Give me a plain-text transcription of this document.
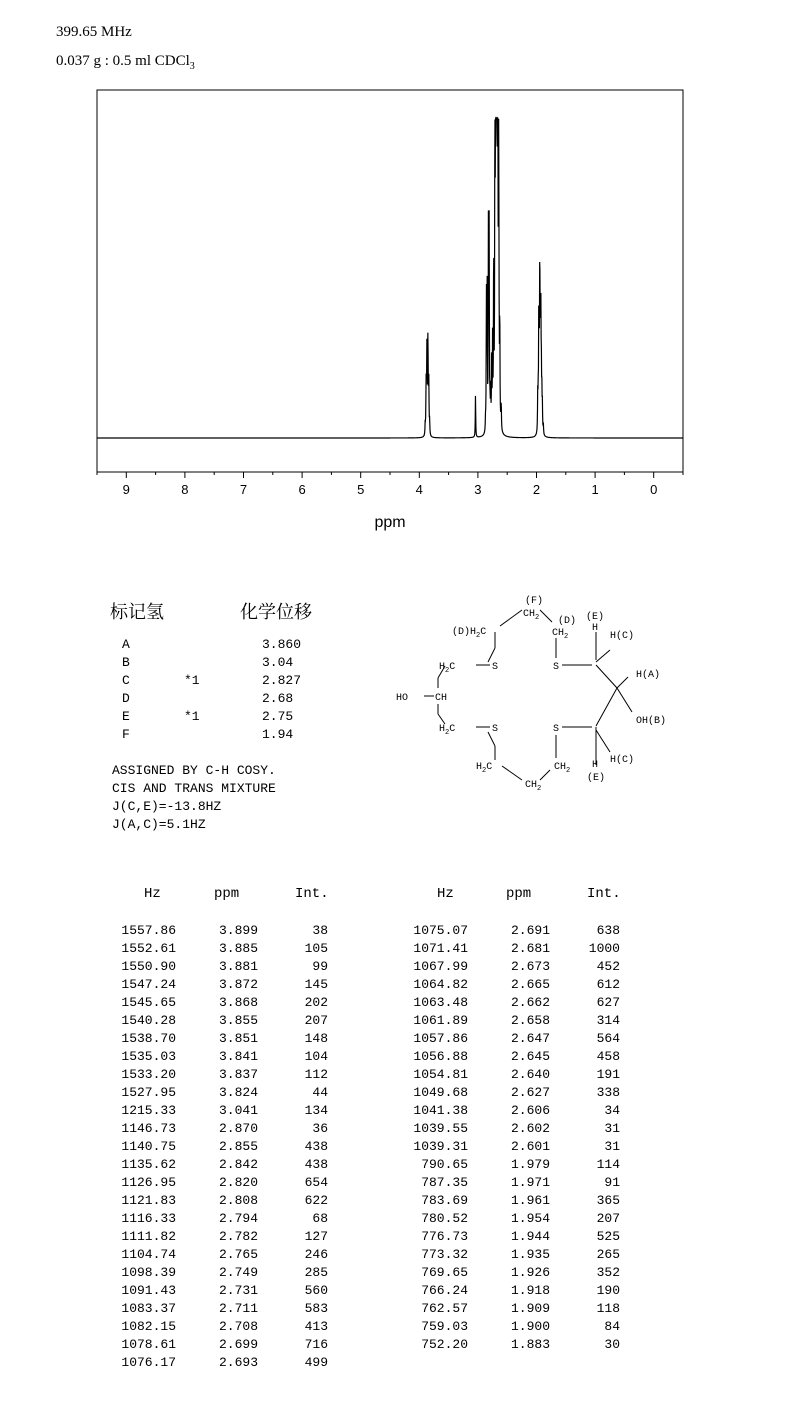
399.65 MHz
0.037 g : 0.5 ml CDCl$_3$
9	8	7	6	5	4	3	2	1	0
ppm
标记氢	化学位移
A	3.860
B	3.04
C	*1	2.827
D	2.68
E	*1	2.75
F	1.94
ASSIGNED BY C-H COSY.
CIS AND TRANS MIXTURE
J(C,E)=-13.8HZ
J(A,C)=5.1HZ
(F)
$CH_2$
$(D)H_2C$
(D)
$CH_2$
(E)
H
H(C)
H(A)
OH(B)
$H_2C$	S	S
HO	CH
$H_2C$	S	S
H(C)
$H_2C$	$CH_2$ H
(E)
$CH_2$
Hz	ppm	Int.	Hz	ppm	Int.
1557.86	3.899	38
1552.61	3.885	105
1550.90	3.881	99
1547.24	3.872	145
1545.65	3.868	202
1540.28	3.855	207
1538.70	3.851	148
1535.03	3.841	104
1533.20	3.837	112
1527.95	3.824	44
1215.33	3.041	134
1146.73	2.870	36
1140.75	2.855	438
1135.62	2.842	438
1126.95	2.820	654
1121.83	2.808	622
1116.33	2.794	68
1111.82	2.782	127
1104.74	2.765	246
1098.39	2.749	285
1091.43	2.731	560
1083.37	2.711	583
1082.15	2.708	413
1078.61	2.699	716
1076.17	2.693	499
1075.07	2.691	638
1071.41	2.681	1000
1067.99	2.673	452
1064.82	2.665	612
1063.48	2.662	627
1061.89	2.658	314
1057.86	2.647	564
1056.88	2.645	458
1054.81	2.640	191
1049.68	2.627	338
1041.38	2.606	34
1039.55	2.602	31
1039.31	2.601	31
790.65	1.979	114
787.35	1.971	91
783.69	1.961	365
780.52	1.954	207
776.73	1.944	525
773.32	1.935	265
769.65	1.926	352
766.24	1.918	190
762.57	1.909	118
759.03	1.900	84
752.20	1.883	30
